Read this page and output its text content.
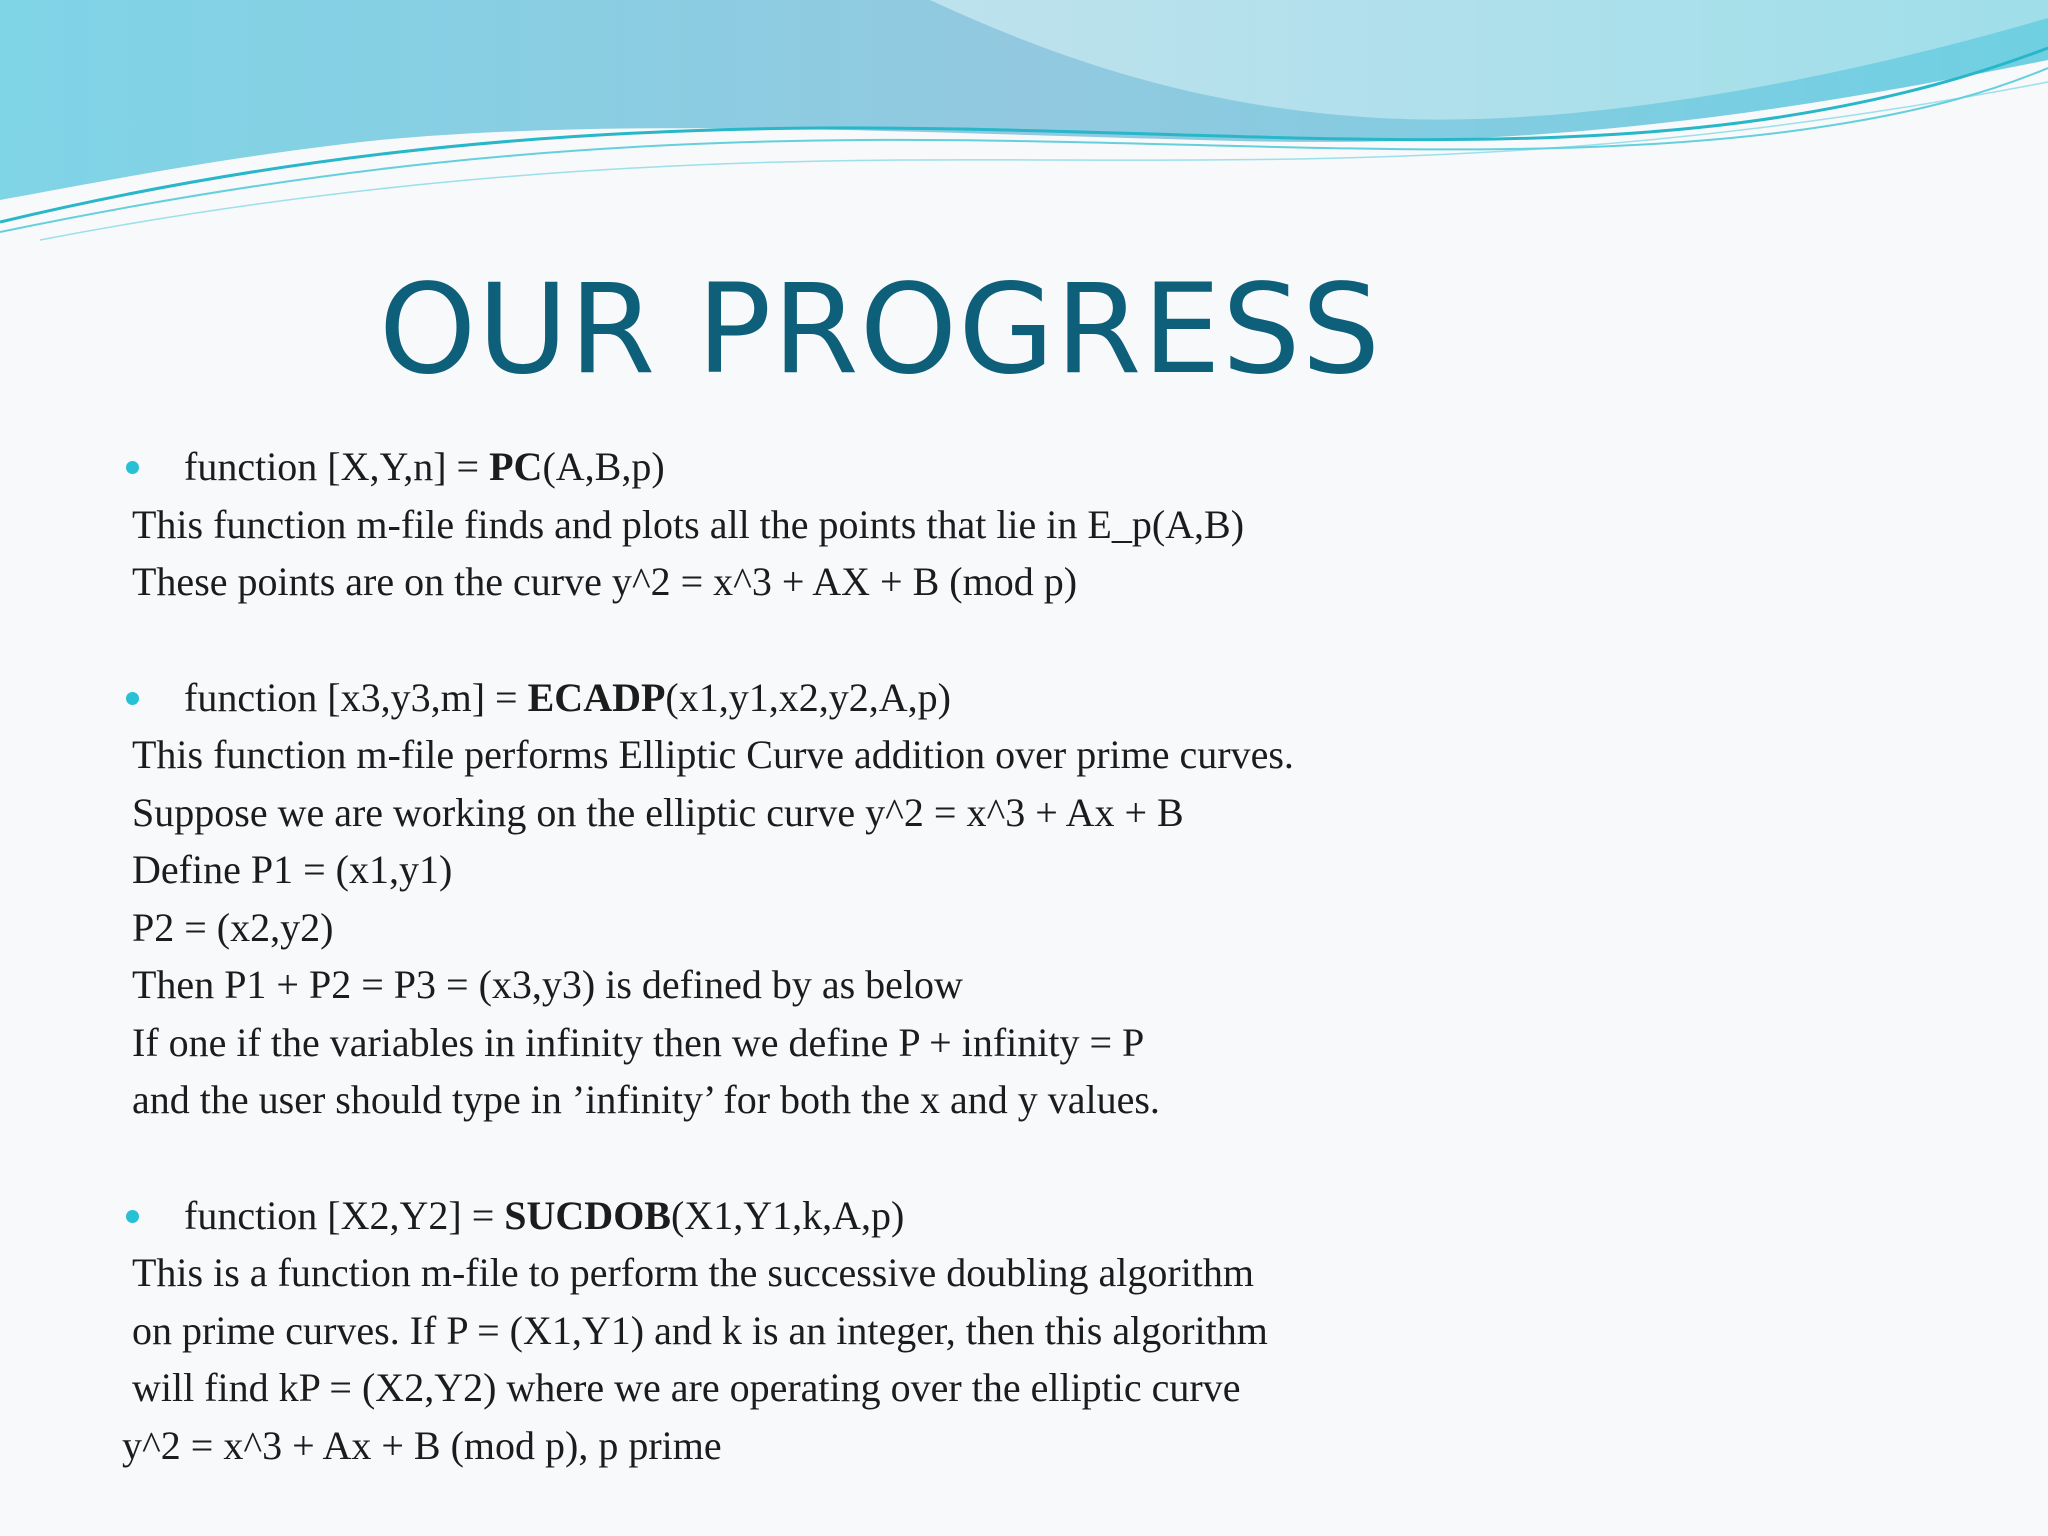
OUR PROGRESS
function [X,Y,n] = PC(A,B,p)
This function m-file finds and plots all the points that lie in E_p(A,B)
These points are on the curve y^2 = x^3 + AX + B (mod p)
function [x3,y3,m] = ECADP(x1,y1,x2,y2,A,p)
This function m-file performs Elliptic Curve addition over prime curves.
Suppose we are working on the elliptic curve y^2 = x^3 + Ax + B
Define P1 = (x1,y1)
P2 = (x2,y2)
Then P1 + P2 = P3 = (x3,y3) is defined by as below
If one if the variables in infinity then we define P + infinity = P
and the user should type in ’infinity’ for both the x and y values.
function [X2,Y2] = SUCDOB(X1,Y1,k,A,p)
This is a function m-file to perform the successive doubling algorithm
on prime curves. If P = (X1,Y1) and k is an integer, then this algorithm
will find kP = (X2,Y2) where we are operating over the elliptic curve
y^2 = x^3 + Ax + B (mod p), p prime
